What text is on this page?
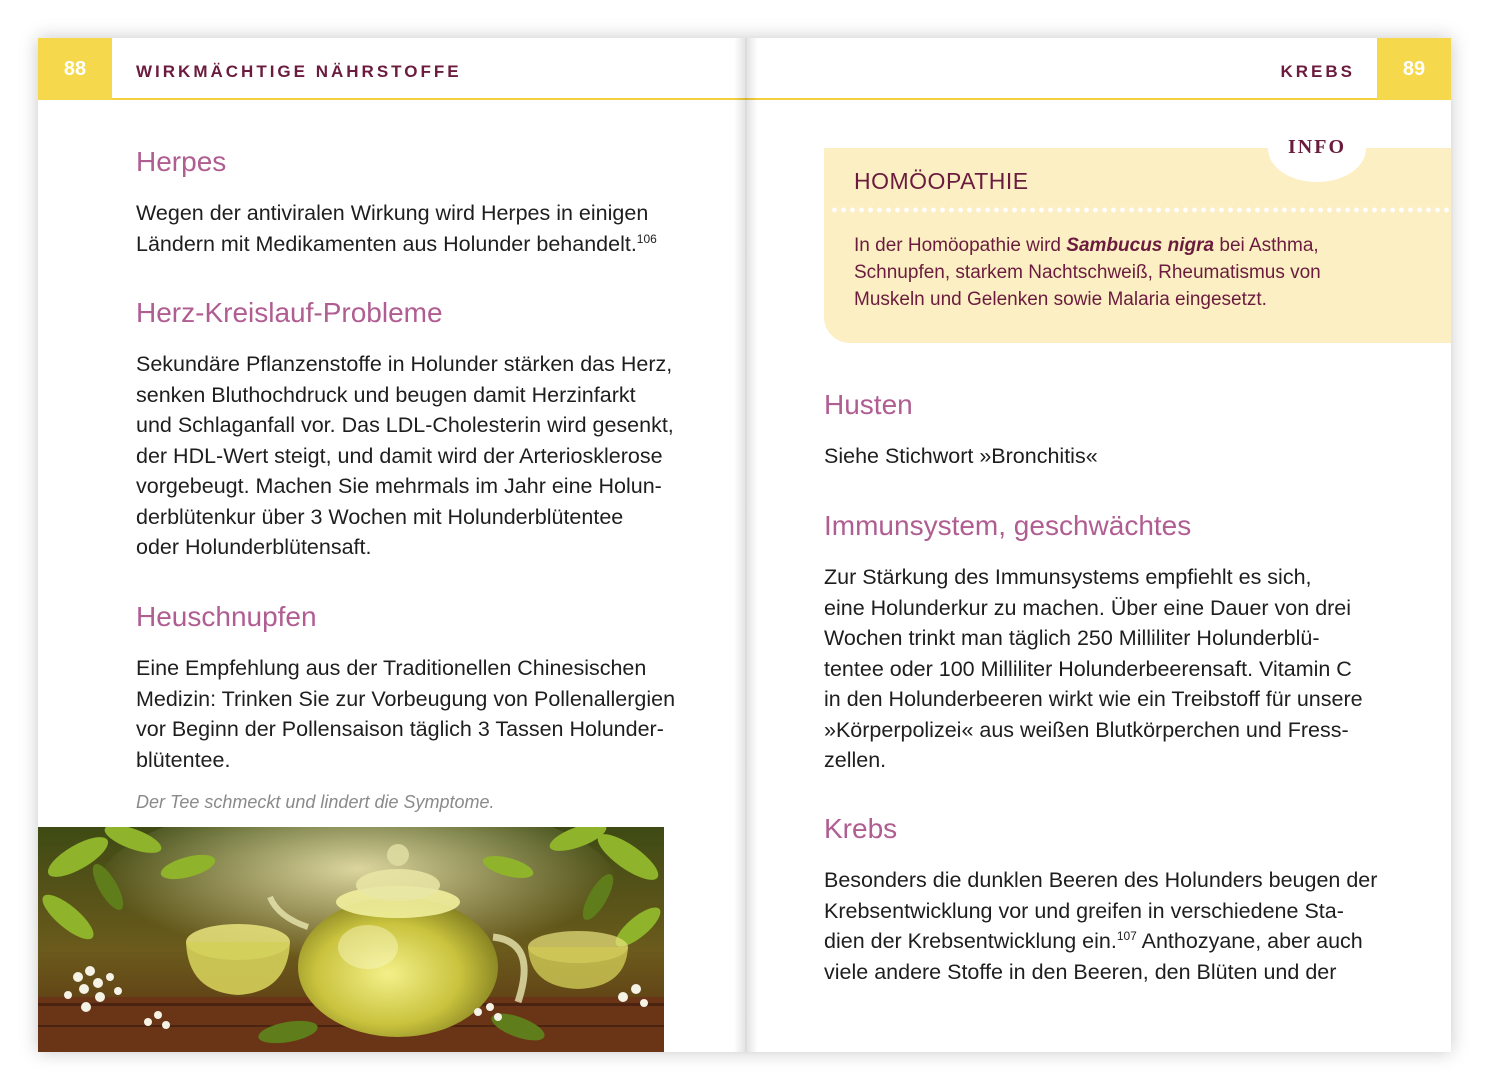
88	WIRKMÄCHTIGE NÄHRSTOFFE
Herpes
Wegen der antiviralen Wirkung wird Herpes in einigen
Ländern mit Medikamenten aus Holunder behandelt.$^{106}$
Herz-Kreislauf-Probleme
Sekundäre Pflanzenstoffe in Holunder stärken das Herz,
senken Bluthochdruck und beugen damit Herzinfarkt
und Schlaganfall vor. Das LDL-Cholesterin wird gesenkt,
der HDL-Wert steigt, und damit wird der Arteriosklerose
vorgebeugt. Machen Sie mehrmals im Jahr eine Holun-
derblütenkur über 3 Wochen mit Holunderblütentee
oder Holunderblütensaft.
Heuschnupfen
Eine Empfehlung aus der Traditionellen Chinesischen
Medizin: Trinken Sie zur Vorbeugung von Pollenallergien
vor Beginn der Pollensaison täglich 3 Tassen Holunder-
blütentee.
Der Tee schmeckt und lindert die Symptome.
89
KREBS
INFO
HOMÖOPATHIE
In der Homöopathie wird Sambucus nigra bei Asthma,
Schnupfen, starkem Nachtschweiß, Rheumatismus von
Muskeln und Gelenken sowie Malaria eingesetzt.
Husten
Siehe Stichwort »Bronchitis«
Immunsystem, geschwächtes
Zur Stärkung des Immunsystems empfiehlt es sich,
eine Holunderkur zu machen. Über eine Dauer von drei
Wochen trinkt man täglich 250 Milliliter Holunderblü-
tentee oder 100 Milliliter Holunderbeerensaft. Vitamin C
in den Holunderbeeren wirkt wie ein Treibstoff für unsere
»Körperpolizei« aus weißen Blutkörperchen und Fress-
zellen.
Krebs
Besonders die dunklen Beeren des Holunders beugen der
Krebsentwicklung vor und greifen in verschiedene Sta-
dien der Krebsentwicklung ein.$^{107}$ Anthozyane, aber auch
viele andere Stoffe in den Beeren, den Blüten und der
